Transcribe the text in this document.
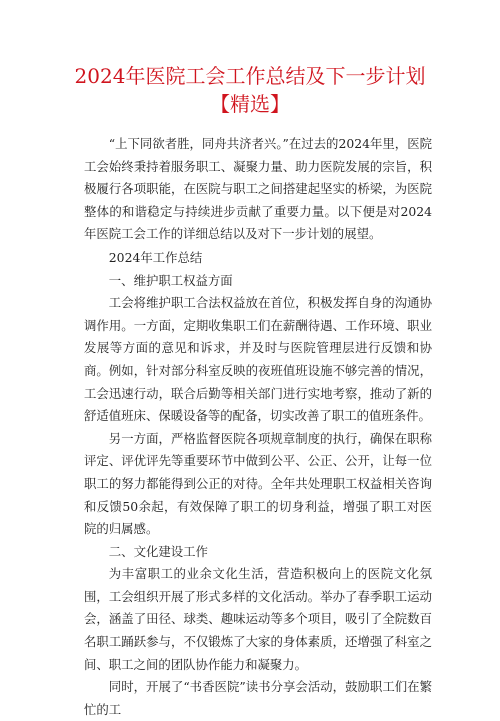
2024年医院工会工作总结及下一步计划
【精选】

“上下同欲者胜，同舟共济者兴。”在过去的2024年里，医院工会始终秉持着服务职工、凝聚力量、助力医院发展的宗旨，积极履行各项职能，在医院与职工之间搭建起坚实的桥梁，为医院整体的和谐稳定与持续进步贡献了重要力量。以下便是对2024年医院工会工作的详细总结以及对下一步计划的展望。

2024年工作总结

一、维护职工权益方面

工会将维护职工合法权益放在首位，积极发挥自身的沟通协调作用。一方面，定期收集职工们在薪酬待遇、工作环境、职业发展等方面的意见和诉求，并及时与医院管理层进行反馈和协商。例如，针对部分科室反映的夜班值班设施不够完善的情况，工会迅速行动，联合后勤等相关部门进行实地考察，推动了新的舒适值班床、保暖设备等的配备，切实改善了职工的值班条件。

另一方面，严格监督医院各项规章制度的执行，确保在职称评定、评优评先等重要环节中做到公平、公正、公开，让每一位职工的努力都能得到公正的对待。全年共处理职工权益相关咨询和反馈50余起，有效保障了职工的切身利益，增强了职工对医院的归属感。

二、文化建设工作

为丰富职工的业余文化生活，营造积极向上的医院文化氛围，工会组织开展了形式多样的文化活动。举办了春季职工运动会，涵盖了田径、球类、趣味运动等多个项目，吸引了全院数百名职工踊跃参与，不仅锻炼了大家的身体素质，还增强了科室之间、职工之间的团队协作能力和凝聚力。

同时，开展了“书香医院”读书分享会活动，鼓励职工们在繁忙的工
